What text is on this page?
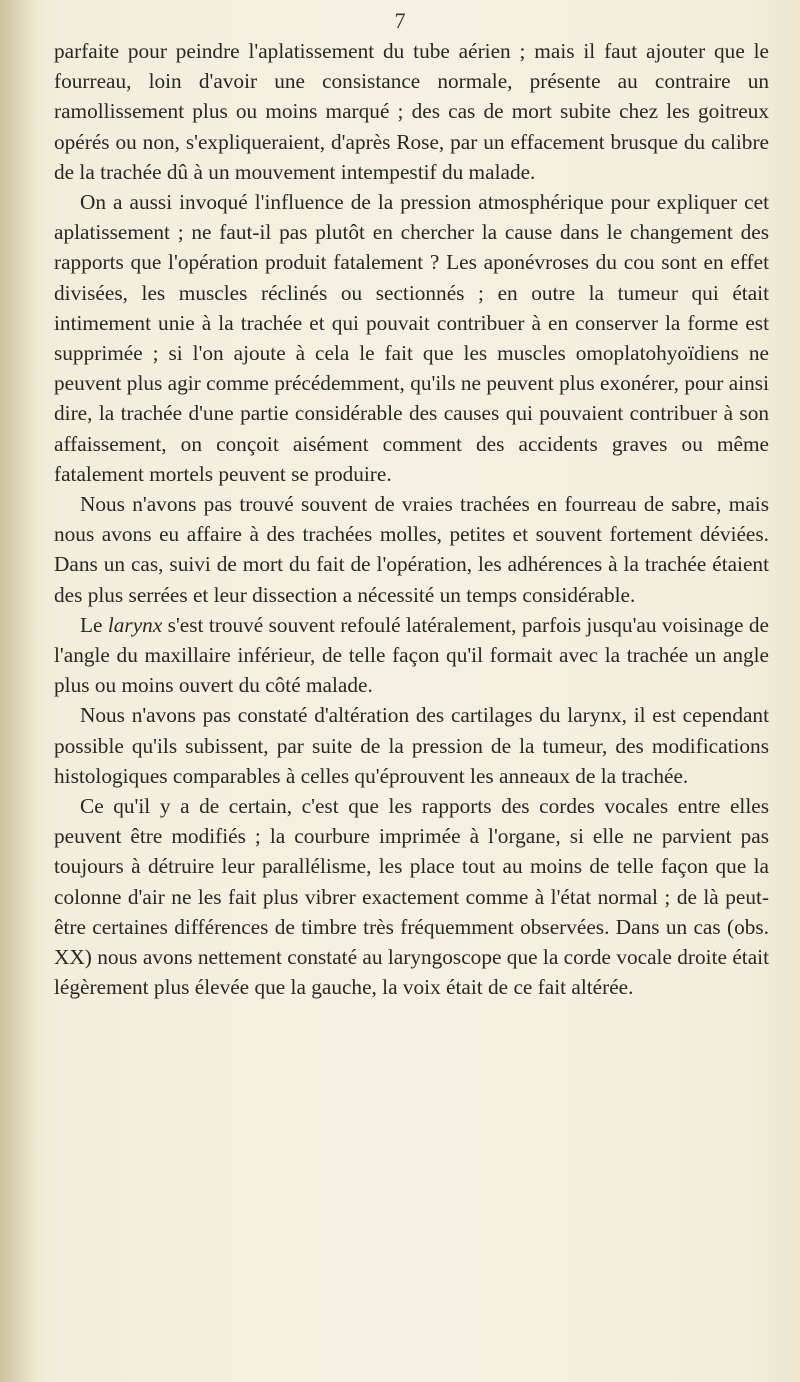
7

parfaite pour peindre l'aplatissement du tube aérien ; mais il faut ajouter que le fourreau, loin d'avoir une consistance normale, présente au contraire un ramollissement plus ou moins marqué ; des cas de mort subite chez les goitreux opérés ou non, s'expliqueraient, d'après Rose, par un effacement brusque du calibre de la trachée dû à un mouvement intempestif du malade.

On a aussi invoqué l'influence de la pression atmosphérique pour expliquer cet aplatissement ; ne faut-il pas plutôt en chercher la cause dans le changement des rapports que l'opération produit fatalement ? Les aponévroses du cou sont en effet divisées, les muscles réclinés ou sectionnés ; en outre la tumeur qui était intimement unie à la trachée et qui pouvait contribuer à en conserver la forme est supprimée ; si l'on ajoute à cela le fait que les muscles omoplatohyoïdiens ne peuvent plus agir comme précédemment, qu'ils ne peuvent plus exonérer, pour ainsi dire, la trachée d'une partie considérable des causes qui pouvaient contribuer à son affaissement, on conçoit aisément comment des accidents graves ou même fatalement mortels peuvent se produire.

Nous n'avons pas trouvé souvent de vraies trachées en fourreau de sabre, mais nous avons eu affaire à des trachées molles, petites et souvent fortement déviées. Dans un cas, suivi de mort du fait de l'opération, les adhérences à la trachée étaient des plus serrées et leur dissection a nécessité un temps considérable.

Le larynx s'est trouvé souvent refoulé latéralement, parfois jusqu'au voisinage de l'angle du maxillaire inférieur, de telle façon qu'il formait avec la trachée un angle plus ou moins ouvert du côté malade.

Nous n'avons pas constaté d'altération des cartilages du larynx, il est cependant possible qu'ils subissent, par suite de la pression de la tumeur, des modifications histologiques comparables à celles qu'éprouvent les anneaux de la trachée.

Ce qu'il y a de certain, c'est que les rapports des cordes vocales entre elles peuvent être modifiés ; la courbure imprimée à l'organe, si elle ne parvient pas toujours à détruire leur parallélisme, les place tout au moins de telle façon que la colonne d'air ne les fait plus vibrer exactement comme à l'état normal ; de là peut-être certaines différences de timbre très fréquemment observées. Dans un cas (obs. XX) nous avons nettement constaté au laryngoscope que la corde vocale droite était légèrement plus élevée que la gauche, la voix était de ce fait altérée.
